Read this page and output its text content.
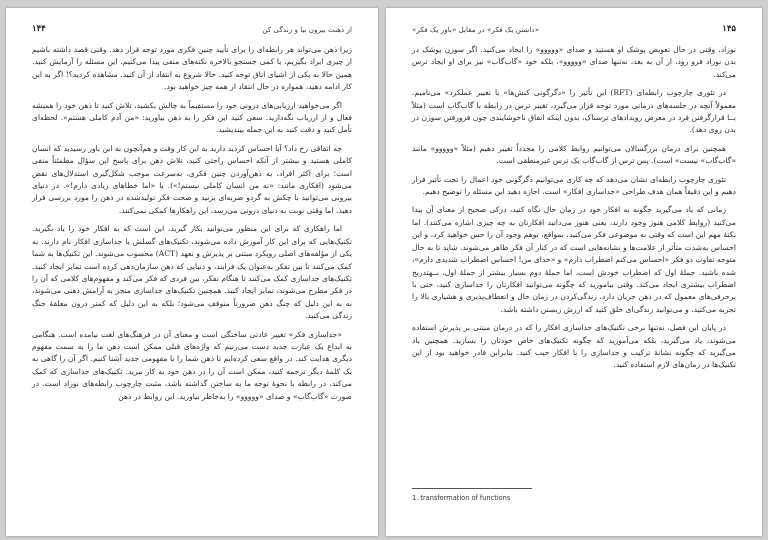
۱۴۴	از ذهنت بیرون بیا و زندگی کن

زیرا ذهن می‌تواند هر رابطه‌ای را برای تأیید چنین فکری مورد توجه قرار دهد. وقتی قصد داشته باشیم از چیزی ایراد بگیریم، با کمی جستجو بالاخره نکته‌های منفی پیدا می‌کنیم. این مسئله را آزمایش کنید. همین حالا به یکی از اشیای اتاق توجه کنید. حالا شروع به انتقاد از آن کنید. مشاهده کردید؟! اگر به این کار ادامه دهید، همواره در حال انتقاد از همه چیز خواهید بود.

اگر می‌خواهید ارزیابی‌های درونی خود را مستقیماً به چالش بکشید، تلاش کنید تا ذهن خود را همیشه فعال و از ارزیاب نگه‌دارید. سعی کنید این فکر را به ذهن بیاورید: «من آدم کاملی هستم». لحظه‌ای تأمل کنید و دقت کنید به این جمله بیندیشید.

چه اتفاقی رخ داد؟ آیا احساس کردید دارید به این کار وقت و هم‌آنچون به این باور رسیدید که انسان کاملی هستید و بیشتر از آنکه احساس راحتی کنید، تلاش ذهن برای پاسخ این سؤال مطمئناً منفی است؛ برای اکثر افراد، به ذهن‌آوردن چنین فکری، به‌سرعت موجب شکل‌گیری استدلال‌های نقض می‌شود (افکاری مانند: «نه من انسان کاملی نیستم!»). یا «اما خطاهای زیادی دارم!». در دنیای بیرونی می‌توانید با چکش به گردو ضربه‌ای بزنید و صحت فکر تولیدشده در ذهن را مورد بررسی قرار دهید، اما وقتی نوبت به دنیای درونی می‌رسد، این راهکارها کمکی نمی‌کنند.

اما راهکاری که برای این منظور می‌توانید بکار گیرید، این است که به افکار خود را یاد بگیرید. تکنیک‌هایی که برای این کار آموزش داده می‌شوند، تکنیک‌های گسلش یا جداسازی افکار نام دارند. به یکی از مؤلفه‌های اصلی رویکرد مبتنی بر پذیرش و تعهد (ACT) محسوب می‌شوند. این تکنیک‌ها به شما کمک می‌کنند تا بین تفکر به‌عنوان یک فرایند، و دنیایی که ذهن سازمان‌دهی کرده است تمایز ایجاد کنید. تکنیک‌های جداسازی کمک می‌کنند تا هنگام تفکر، بین فردی که فکر می‌کند و مفهوم‌های کلامی که آن را در فکر مطرح می‌شوند، تمایز ایجاد کنید. همچنین تکنیک‌های جداسازی منجر به آرامش ذهنی می‌شوند، نه به این دلیل که چنگ ذهن ضرورتاً متوقف می‌شود؛ بلکه به این دلیل که کمتر درون معلقهٔ جنگ زندگی می‌کنید.

«جداسازی فکر» تغییر عادتی ساختگی است و معنای آن در فرهنگ‌های لغت نیامده است. هنگامی به ابداع یک عبارت جدید دست می‌زنیم که واژه‌های قبلی ممکن است ذهن ما را به سمت مفهوم دیگری هدایت کند. در واقع سعی کرده‌ایم تا ذهن شما را با مفهومی جدید آشنا کنیم. اگر آن را گاهی به یک کلمهٔ دیگر ترجمه کنید، ممکن است آن را در ذهن خود به کار ببرید. تکنیک‌های جداسازی که کمک می‌کند، در رابطه با نحوهٔ توجه ما به ساختن گذاشته باشد، مثبت چارچوب رابطه‌های نوزاد است. در صورت «گاب‌گاب» و صدای «ووووو» را به‌خاطر بیاورید. این روابط در ذهن

«داشتن یک فکر» در مقابل «باور یک فکر»	۱۴۵

نوزاد، وقتی در حال تعویض پوشک او هستید و صدای «ووووو» را ایجاد می‌کنید. اگر سوزن پوشک در بدن نوزاد فرو رود، از آن به بعد، نه‌تنها صدای «ووووو»، بلکه خود «گاب‌گاب» نیز برای او ایجاد ترس می‌کند.

در تئوری چارچوب رابطه‌ای (RFT) این تأثیر را «دگرگونی کنش‌ها» یا تغییر عملکرد» می‌نامیم. معمولاً آنچه در جلسه‌های درمانی مورد توجه قرار می‌گیرد، تغییر ترس در رابطه با گاب‌گاب است (مثلاً بــا قرارگرفتن فرد در معرض رویدادهای ترسناک، بدون اینکه اتفاق ناخوشایندی چون فرورفتن سوزن در بدن روی دهد).

همچنین برای درمان بزرگسالان می‌توانیم روابط کلامی را مجدداً تغییر دهیم (مثلاً «ووووو» مانند «گاب‌گاب» نیست» است). پس ترس از گاب‌گاب یک ترس غیرمنطقی است.

تئوری چارچوب رابطه‌ای نشان می‌دهد که چه کاری می‌توانیم دگرگونی خود اعمال را تحت تأثیر قرار دهیم و این دقیقاً همان هدف طراحی «جداسازی افکار» است. اجازه دهید این مسئله را توضیح دهیم.

زمانی که یاد می‌گیرید چگونه به افکار خود در زمان حال نگاه کنید، درکی صحیح از معنای آن پیدا می‌کنید (روابط کلامی هنوز وجود دارند، یعنی هنوز می‌دانید افکارتان به چه چیزی اشاره می‌کنند). اما نکتهٔ مهم این است که وقتی به موضوعی فکر می‌کنید، بمواقع، توهم وجود آن را حس خواهید کرد، و این احساس به‌شدت متأثر از علامت‌ها و نشانه‌هایی است که در کنار آن فکر ظاهر می‌شوند. شاید تا به حال متوجه تفاوت دو فکر «احساس می‌کنم اضطراب دارم» و «خدای من! احساس اضطراب شدیدی دارم»، شده باشید. جملهٔ اول که اضطراب خودش است، اما جملهٔ دوم بسیار بیشتر از جملهٔ اول، بــهتدریج اضطراب بیشتری ایجاد می‌کند. وقتی بیاموزید که چگونه می‌توانید افکارتان را جداسازی کنید، حتی با پرحرفی‌های معمول که در ذهن جریان دارد، زندگی‌کردن در زمان حال و انعطاف‌پذیری و هشیاری بالا را تجربه می‌کنید، و می‌توانید زندگی‌ای خلق کنید که ارزش زیستن داشته باشد.

در پایان این فصل، نه‌تنها برخی تکنیک‌های جداسازی افکار را که در درمان مبتنی بر پذیرش استفاده می‌شوند، یاد می‌گیرید، بلکه می‌آموزید که چگونه تکنیک‌های خاص خودتان را بسازید. همچنین یاد می‌گیرید که چگونه نشانهٔ ترکیب و جداسازی را با افکار جیب کنید. بنابراین قادر خواهید بود از این تکنیک‌ها در زمان‌های لازم استفاده کنید.

1. transformation of functions
